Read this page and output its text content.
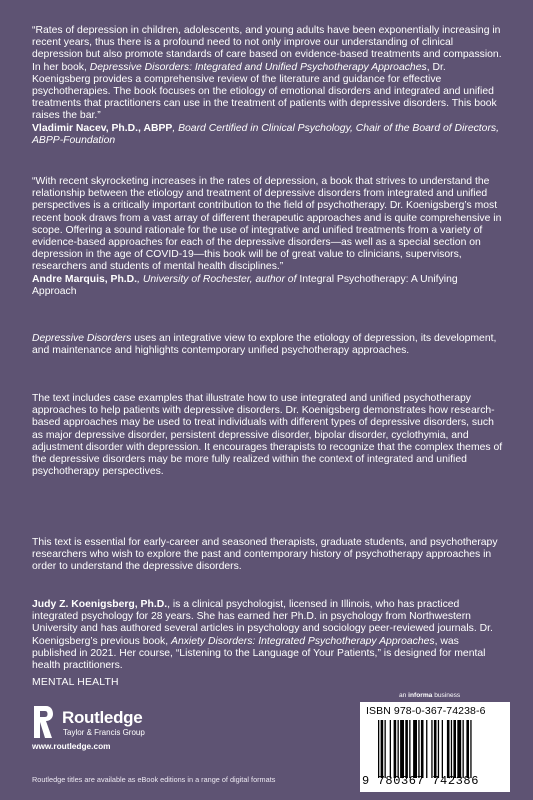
“Rates of depression in children, adolescents, and young adults have been exponentially increasing in recent years, thus there is a profound need to not only improve our understanding of clinical depression but also promote standards of care based on evidence-based treatments and compassion. In her book, Depressive Disorders: Integrated and Unified Psychotherapy Approaches, Dr. Koenigsberg provides a comprehensive review of the literature and guidance for effective psychotherapies. The book focuses on the etiology of emotional disorders and integrated and unified treatments that practitioners can use in the treatment of patients with depressive disorders. This book raises the bar.”
Vladimir Nacev, Ph.D., ABPP, Board Certified in Clinical Psychology, Chair of the Board of Directors, ABPP-Foundation

“With recent skyrocketing increases in the rates of depression, a book that strives to understand the relationship between the etiology and treatment of depressive disorders from integrated and unified perspectives is a critically important contribution to the field of psychotherapy. Dr. Koenigsberg’s most recent book draws from a vast array of different therapeutic approaches and is quite comprehensive in scope. Offering a sound rationale for the use of integrative and unified treatments from a variety of evidence-based approaches for each of the depressive disorders—as well as a special section on depression in the age of COVID-19—this book will be of great value to clinicians, supervisors, researchers and students of mental health disciplines.”
Andre Marquis, Ph.D., University of Rochester, author of Integral Psychotherapy: A Unifying Approach

Depressive Disorders uses an integrative view to explore the etiology of depression, its development, and maintenance and highlights contemporary unified psychotherapy approaches.

The text includes case examples that illustrate how to use integrated and unified psychotherapy approaches to help patients with depressive disorders. Dr. Koenigsberg demonstrates how research-based approaches may be used to treat individuals with different types of depressive disorders, such as major depressive disorder, persistent depressive disorder, bipolar disorder, cyclothymia, and adjustment disorder with depression. It encourages therapists to recognize that the complex themes of the depressive disorders may be more fully realized within the context of integrated and unified psychotherapy perspectives.

This text is essential for early-career and seasoned therapists, graduate students, and psychotherapy researchers who wish to explore the past and contemporary history of psychotherapy approaches in order to understand the depressive disorders.

Judy Z. Koenigsberg, Ph.D., is a clinical psychologist, licensed in Illinois, who has practiced integrated psychology for 28 years. She has earned her Ph.D. in psychology from Northwestern University and has authored several articles in psychology and sociology peer-reviewed journals. Dr. Koenigsberg’s previous book, Anxiety Disorders: Integrated Psychotherapy Approaches, was published in 2021. Her course, “Listening to the Language of Your Patients,” is designed for mental health practitioners.

MENTAL HEALTH
Routledge
Taylor & Francis Group
www.routledge.com
an informa business
ISBN 978-0-367-74238-6
9 780367 742386
Routledge titles are available as eBook editions in a range of digital formats
